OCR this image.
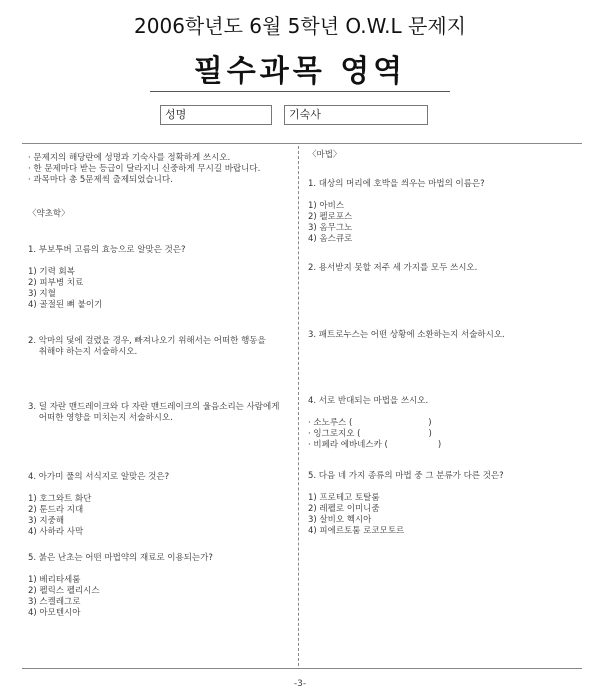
2006학년도 6월 5학년 O.W.L 문제지
필수과목 영역
성명	기숙사
· 문제지의 해당란에 성명과 기숙사를 정확하게 쓰시오.
· 한 문제마다 받는 등급이 달라지니 신중하게 무시길 바랍니다.
· 과목마다 총 5문제씩 출제되었습니다.
〈약초학〉
1. 부보투버 고름의 효능으로 알맞은 것은?
1) 기력 회복
2) 피부병 치료
3) 지혈
4) 골절된 뼈 붙이기
2. 악마의 덫에 걸렸을 경우, 빠져나오기 위해서는 어떠한 행동을
취해야 하는지 서술하시오.
3. 덜 자란 맨드레이크와 다 자란 맨드레이크의 울음소리는 사람에게
어떠한 영향을 미치는지 서술하시오.
4. 아가미 풀의 서식지로 알맞은 것은?
1) 호그와트 화단
2) 툰드라 지대
3) 지중해
4) 사하라 사막
5. 붉은 난초는 어떤 마법약의 재료로 이용되는가?
1) 베리타세룸
2) 펠릭스 펠리시스
3) 스켈레그로
4) 아모텐시아
〈마법〉
1. 대상의 머리에 호박을 씌우는 마법의 이름은?
1) 아비스
2) 펠로포스
3) 옴무그노
4) 옴스큐로
2. 용서받지 못할 저주 세 가지를 모두 쓰시오.
3. 패트로누스는 어떤 상황에 소환하는지 서술하시오.
4. 서로 반대되는 마법을 쓰시오.
· 소노루스 (	)
· 잉그로지오 (	)
· 비페라 에바네스카 (	)
5. 다음 네 가지 종류의 마법 중 그 분류가 다른 것은?
1) 프로테고 토탈룸
2) 레펠로 이미니줌
3) 살비오 헥시아
4) 피에르토툼 로코모토르
-3-
